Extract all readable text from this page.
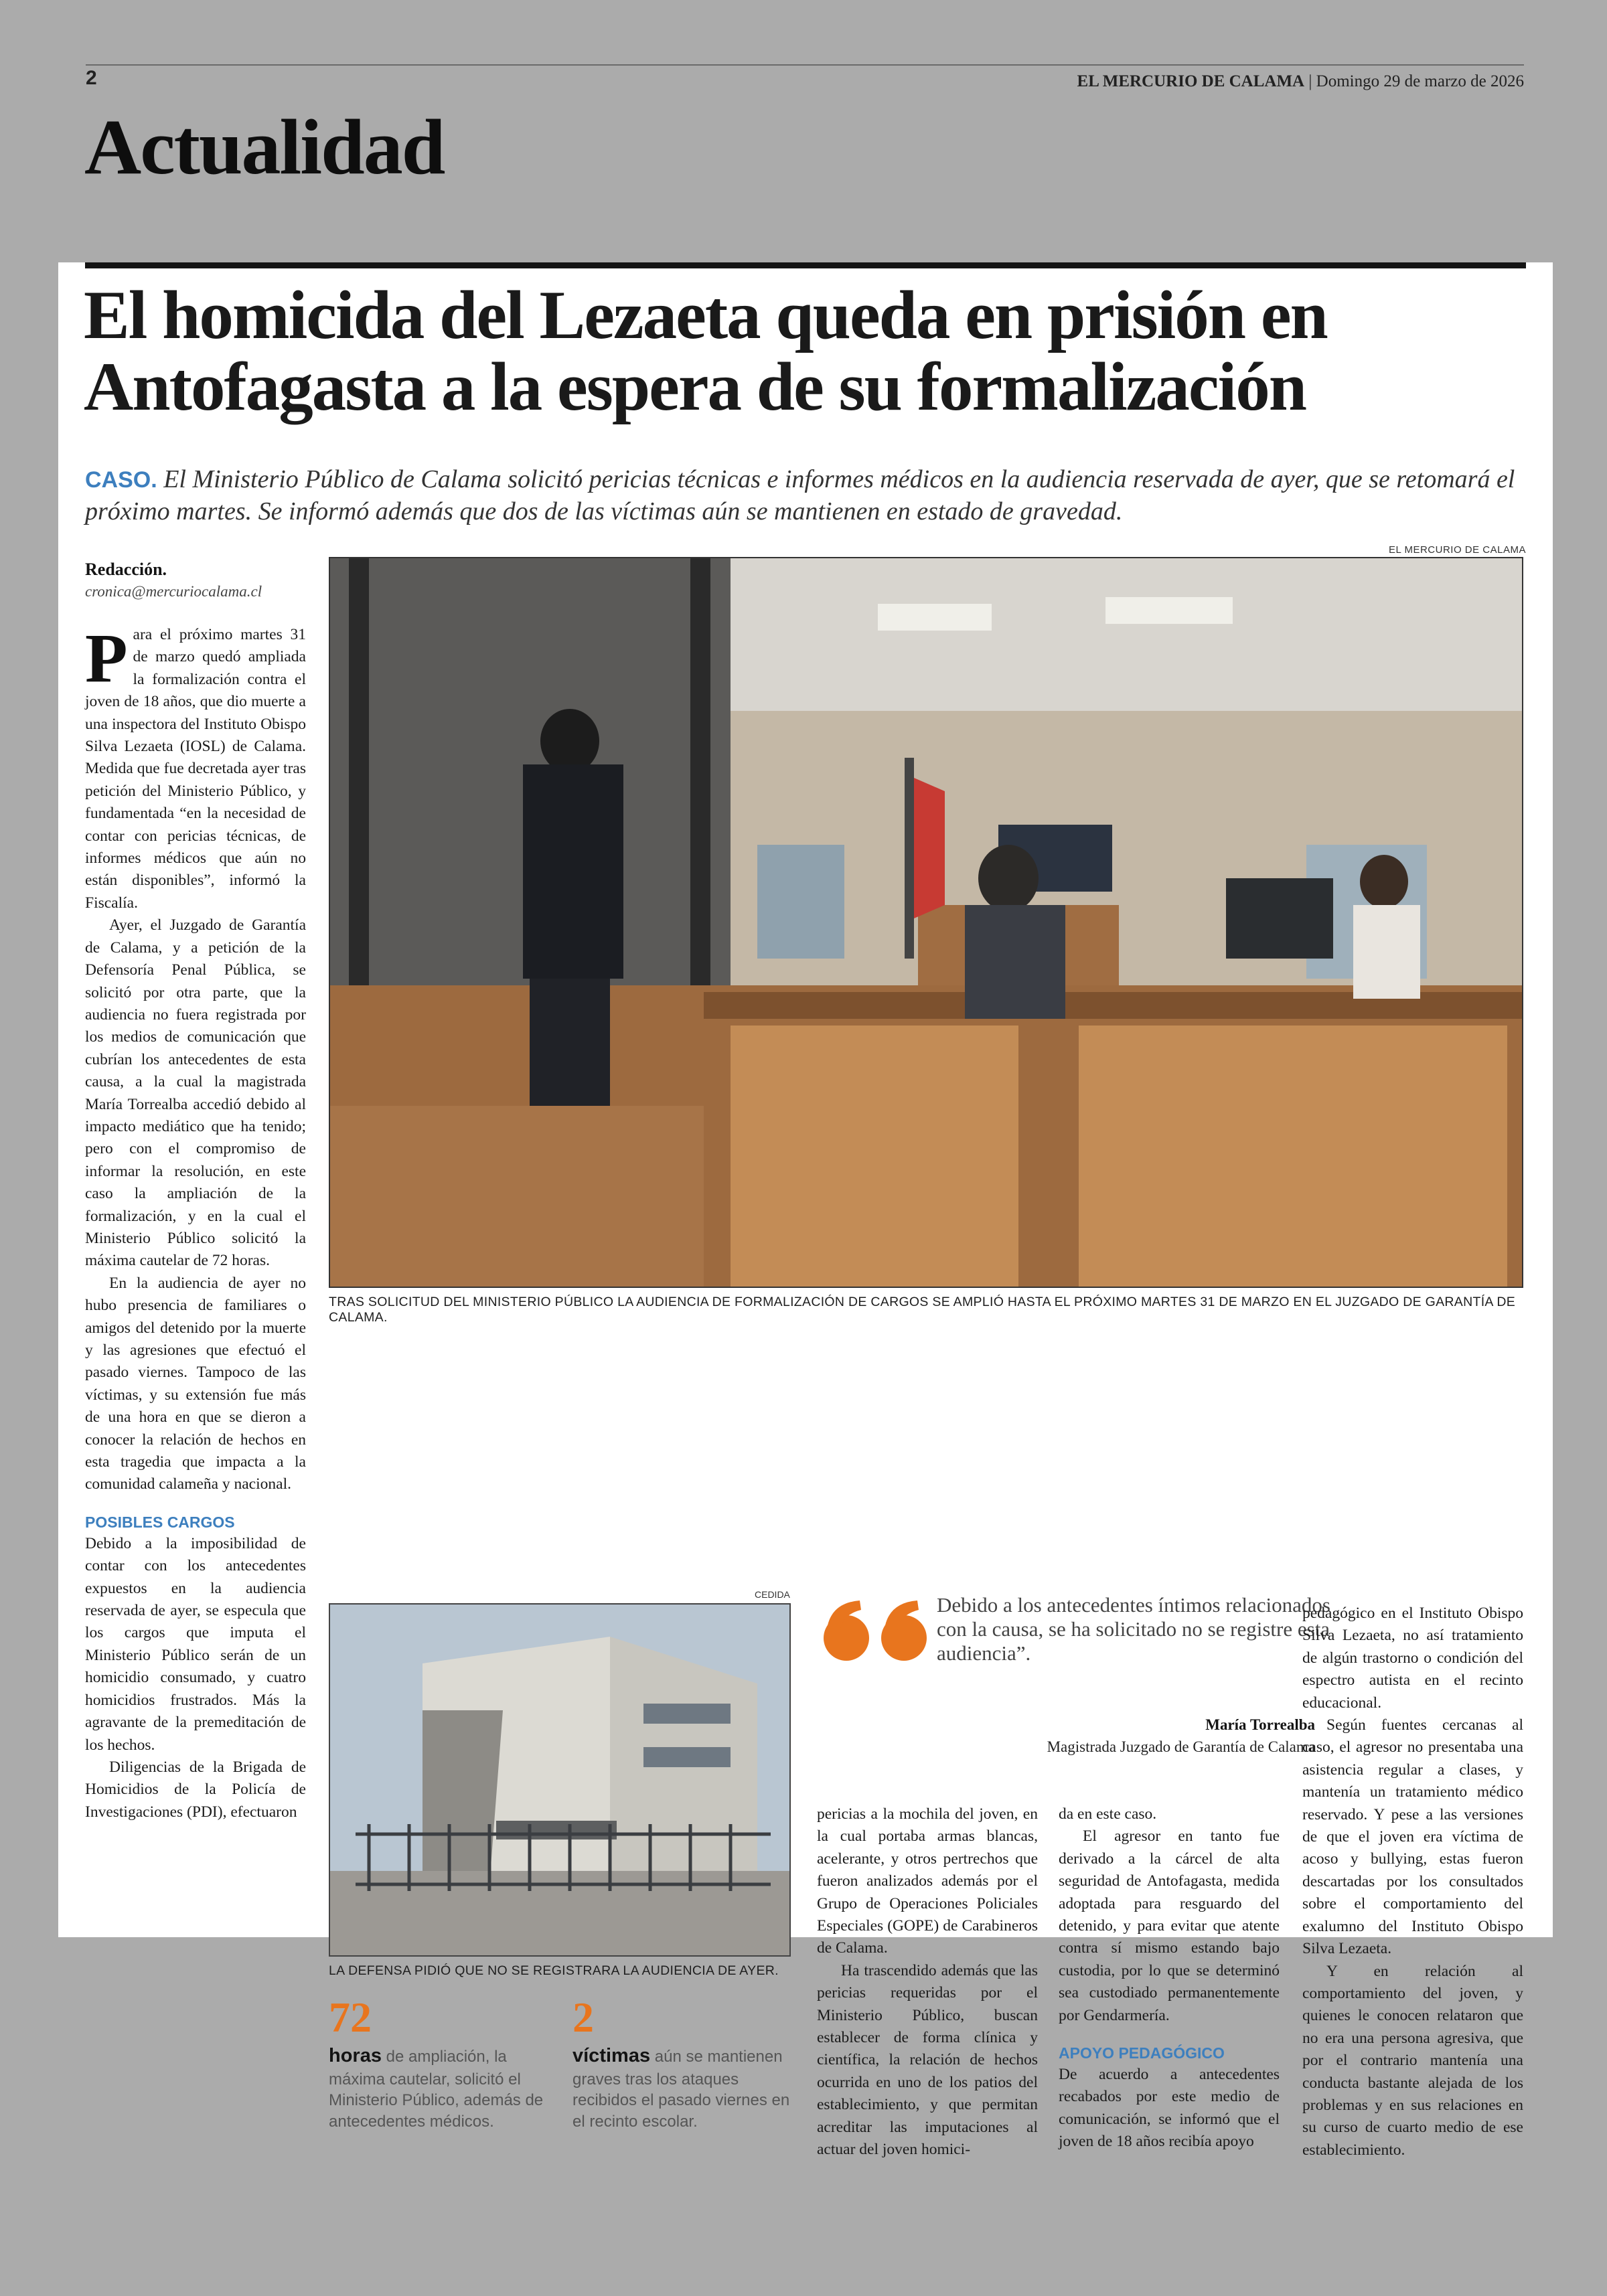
2	EL MERCURIO DE CALAMA | Domingo 29 de marzo de 2026
Actualidad
El homicida del Lezaeta queda en prisión en Antofagasta a la espera de su formalización
CASO. El Ministerio Público de Calama solicitó pericias técnicas e informes médicos en la audiencia reservada de ayer, que se retomará el próximo martes. Se informó además que dos de las víctimas aún se mantienen en estado de gravedad.
EL MERCURIO DE CALAMA
Redacción.
cronica@mercuriocalama.cl

Para el próximo martes 31 de marzo quedó ampliada la formalización contra el joven de 18 años, que dio muerte a una inspectora del Instituto Obispo Silva Lezaeta (IOSL) de Calama. Medida que fue decretada ayer tras petición del Ministerio Público, y fundamentada “en la necesidad de contar con pericias técnicas, de informes médicos que aún no están disponibles”, informó la Fiscalía.

Ayer, el Juzgado de Garantía de Calama, y a petición de la Defensoría Penal Pública, se solicitó por otra parte, que la audiencia no fuera registrada por los medios de comunicación que cubrían los antecedentes de esta causa, a la cual la magistrada María Torrealba accedió debido al impacto mediático que ha tenido; pero con el compromiso de informar la resolución, en este caso la ampliación de la formalización, y en la cual el Ministerio Público solicitó la máxima cautelar de 72 horas.

En la audiencia de ayer no hubo presencia de familiares o amigos del detenido por la muerte y las agresiones que efectuó el pasado viernes. Tampoco de las víctimas, y su extensión fue más de una hora en que se dieron a conocer la relación de hechos en esta tragedia que impacta a la comunidad calameña y nacional.

POSIBLES CARGOS

Debido a la imposibilidad de contar con los antecedentes expuestos en la audiencia reservada de ayer, se especula que los cargos que imputa el Ministerio Público serán de un homicidio consumado, y cuatro homicidios frustrados. Más la agravante de la premeditación de los hechos.

Diligencias de la Brigada de Homicidios de la Policía de Investigaciones (PDI), efectuaron

TRAS SOLICITUD DEL MINISTERIO PÚBLICO LA AUDIENCIA DE FORMALIZACIÓN DE CARGOS SE AMPLIÓ HASTA EL PRÓXIMO MARTES 31 DE MARZO EN EL JUZGADO DE GARANTÍA DE CALAMA.
CEDIDA
LA DEFENSA PIDIÓ QUE NO SE REGISTRARA LA AUDIENCIA DE AYER.
72
horas de ampliación, la máxima cautelar, solicitó el Ministerio Público, además de antecedentes médicos.
2
víctimas aún se mantienen graves tras los ataques recibidos el pasado viernes en el recinto escolar.
Debido a los antecedentes íntimos relacionados con la causa, se ha solicitado no se registre esta audiencia”.
María Torrealba
Magistrada Juzgado de Garantía de Calama

pericias a la mochila del joven, en la cual portaba armas blancas, acelerante, y otros pertrechos que fueron analizados además por el Grupo de Operaciones Policiales Especiales (GOPE) de Carabineros de Calama.

Ha trascendido además que las pericias requeridas por el Ministerio Público, buscan establecer de forma clínica y científica, la relación de hechos ocurrida en uno de los patios del establecimiento, y que permitan acreditar las imputaciones al actuar del joven homici-

da en este caso.

El agresor en tanto fue derivado a la cárcel de alta seguridad de Antofagasta, medida adoptada para resguardo del detenido, y para evitar que atente contra sí mismo estando bajo custodia, por lo que se determinó sea custodiado permanentemente por Gendarmería.

APOYO PEDAGÓGICO

De acuerdo a antecedentes recabados por este medio de comunicación, se informó que el joven de 18 años recibía apoyo

pedagógico en el Instituto Obispo Silva Lezaeta, no así tratamiento de algún trastorno o condición del espectro autista en el recinto educacional.

Según fuentes cercanas al caso, el agresor no presentaba una asistencia regular a clases, y mantenía un tratamiento médico reservado. Y pese a las versiones de que el joven era víctima de acoso y bullying, estas fueron descartadas por los consultados sobre el comportamiento del exalumno del Instituto Obispo Silva Lezaeta.

Y en relación al comportamiento del joven, y quienes le conocen relataron que no era una persona agresiva, que por el contrario mantenía una conducta bastante alejada de los problemas y en sus relaciones en su curso de cuarto medio de ese establecimiento.
